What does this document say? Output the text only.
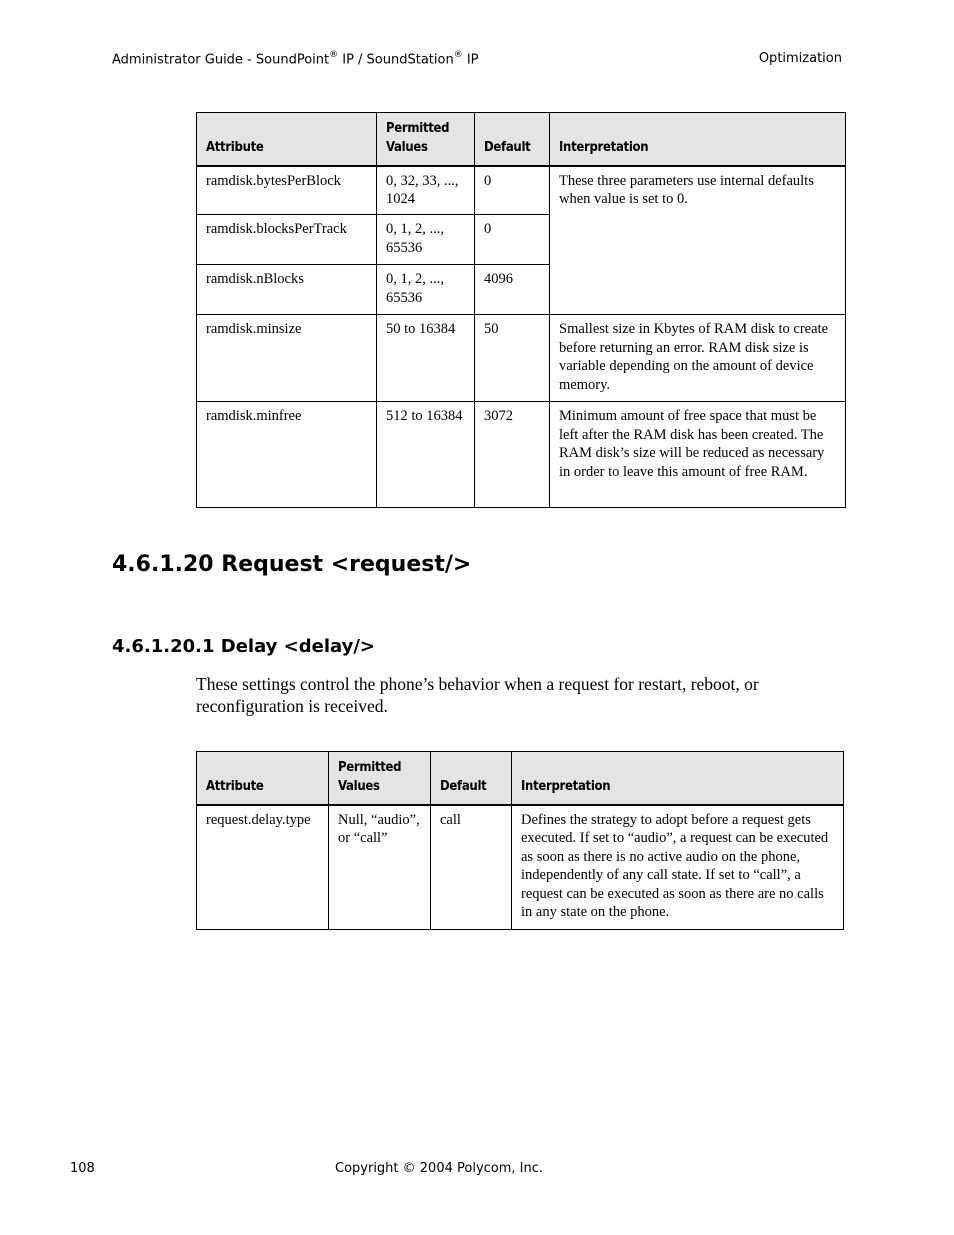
Administrator Guide - SoundPoint® IP / SoundStation® IP	Optimization
Attribute	Permitted Values	Default	Interpretation
ramdisk.bytesPerBlock	0, 32, 33, ..., 1024	0	These three parameters use internal defaults when value is set to 0.
ramdisk.blocksPerTrack	0, 1, 2, ..., 65536	0	
ramdisk.nBlocks	0, 1, 2, ..., 65536	4096	
ramdisk.minsize	50 to 16384	50	Smallest size in Kbytes of RAM disk to create before returning an error. RAM disk size is variable depending on the amount of device memory.
ramdisk.minfree	512 to 16384	3072	Minimum amount of free space that must be left after the RAM disk has been created. The RAM disk’s size will be reduced as necessary in order to leave this amount of free RAM.
4.6.1.20 Request <request/>
4.6.1.20.1 Delay <delay/>

These settings control the phone’s behavior when a request for restart, reboot, or reconfiguration is received.

Attribute	Permitted Values	Default	Interpretation
request.delay.type	Null, “audio”, or “call”	call	Defines the strategy to adopt before a request gets executed. If set to “audio”, a request can be executed as soon as there is no active audio on the phone, independently of any call state. If set to “call”, a request can be executed as soon as there are no calls in any state on the phone.
108	Copyright © 2004 Polycom, Inc.
